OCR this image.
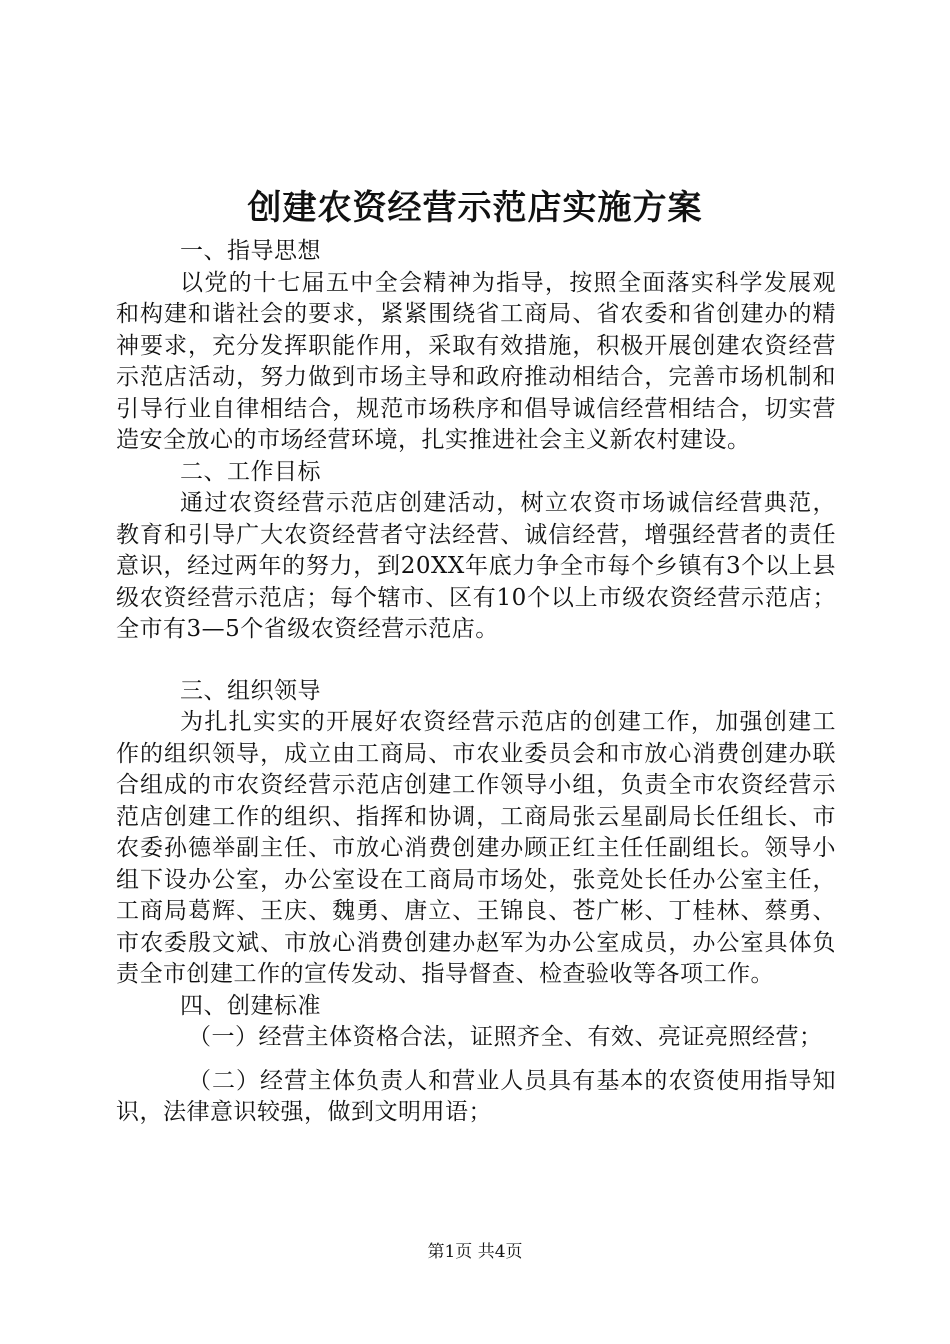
创建农资经营示范店实施方案

一、指导思想

以党的十七届五中全会精神为指导，按照全面落实科学发展观和构建和谐社会的要求，紧紧围绕省工商局、省农委和省创建办的精神要求，充分发挥职能作用，采取有效措施，积极开展创建农资经营示范店活动，努力做到市场主导和政府推动相结合，完善市场机制和引导行业自律相结合，规范市场秩序和倡导诚信经营相结合，切实营造安全放心的市场经营环境，扎实推进社会主义新农村建设。

二、工作目标

通过农资经营示范店创建活动，树立农资市场诚信经营典范，教育和引导广大农资经营者守法经营、诚信经营，增强经营者的责任意识，经过两年的努力，到20XX年底力争全市每个乡镇有3个以上县级农资经营示范店；每个辖市、区有10个以上市级农资经营示范店；全市有3—5个省级农资经营示范店。

三、组织领导

为扎扎实实的开展好农资经营示范店的创建工作，加强创建工作的组织领导，成立由工商局、市农业委员会和市放心消费创建办联合组成的市农资经营示范店创建工作领导小组，负责全市农资经营示范店创建工作的组织、指挥和协调，工商局张云星副局长任组长、市农委孙德举副主任、市放心消费创建办顾正红主任任副组长。领导小组下设办公室，办公室设在工商局市场处，张竞处长任办公室主任，工商局葛辉、王庆、魏勇、唐立、王锦良、苍广彬、丁桂林、蔡勇、市农委殷文斌、市放心消费创建办赵军为办公室成员，办公室具体负责全市创建工作的宣传发动、指导督查、检查验收等各项工作。

四、创建标准

（一）经营主体资格合法，证照齐全、有效、亮证亮照经营；

（二）经营主体负责人和营业人员具有基本的农资使用指导知识，法律意识较强，做到文明用语；

第1页 共4页
